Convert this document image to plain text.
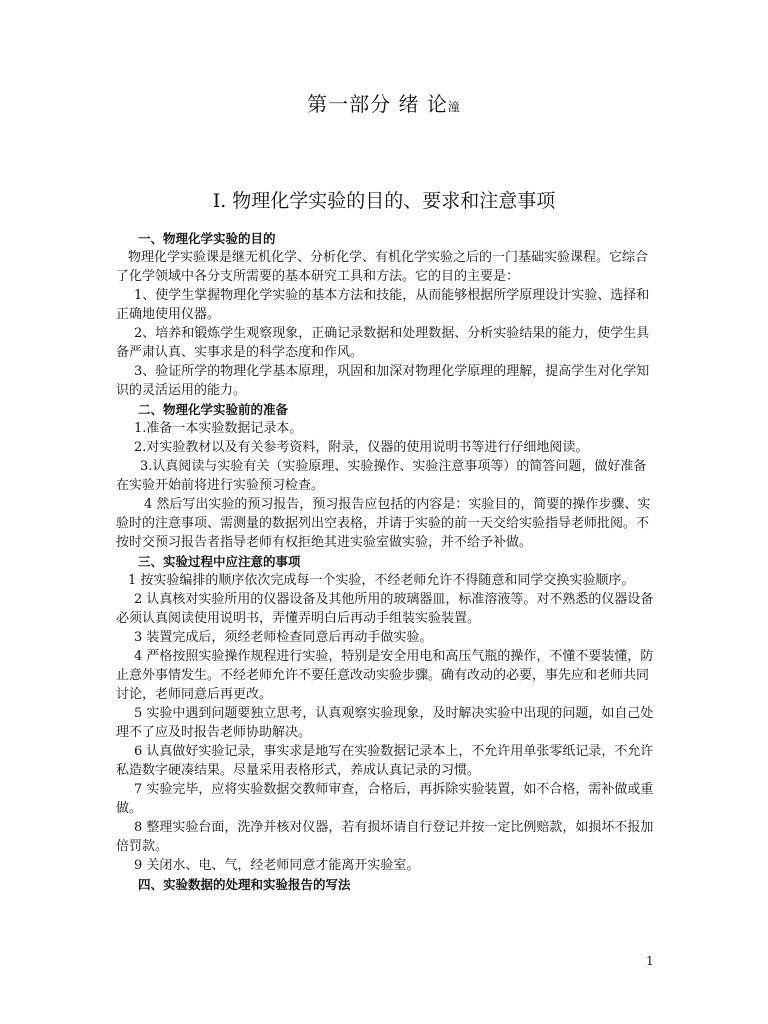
第一部分 绪 论潼
Ⅰ. 物理化学实验的目的、要求和注意事项

一、物理化学实验的目的

物理化学实验课是继无机化学、分析化学、有机化学实验之后的一门基础实验课程。它综合了化学领域中各分支所需要的基本研究工具和方法。它的目的主要是：

1、使学生掌握物理化学实验的基本方法和技能，从而能够根据所学原理设计实验、选择和正确地使用仪器。

2、培养和锻炼学生观察现象，正确记录数据和处理数据、分析实验结果的能力，使学生具备严肃认真、实事求是的科学态度和作风。

3、验证所学的物理化学基本原理，巩固和加深对物理化学原理的理解，提高学生对化学知识的灵活运用的能力。

二、物理化学实验前的准备

1.准备一本实验数据记录本。

2.对实验教材以及有关参考资料，附录，仪器的使用说明书等进行仔细地阅读。

3.认真阅读与实验有关（实验原理、实验操作、实验注意事项等）的简答问题，做好准备在实验开始前将进行实验预习检查。

4 然后写出实验的预习报告，预习报告应包括的内容是：实验目的，简要的操作步骤、实验时的注意事项、需测量的数据列出空表格，并请于实验的前一天交给实验指导老师批阅。不按时交预习报告者指导老师有权拒绝其进实验室做实验，并不给予补做。

三、实验过程中应注意的事项

1 按实验编排的顺序依次完成每一个实验，不经老师允许不得随意和同学交换实验顺序。

2 认真核对实验所用的仪器设备及其他所用的玻璃器皿，标准溶液等。对不熟悉的仪器设备必须认真阅读使用说明书，弄懂弄明白后再动手组装实验装置。

3 装置完成后，须经老师检查同意后再动手做实验。

4 严格按照实验操作规程进行实验，特别是安全用电和高压气瓶的操作，不懂不要装懂，防止意外事情发生。不经老师允许不要任意改动实验步骤。确有改动的必要，事先应和老师共同讨论，老师同意后再更改。

5 实验中遇到问题要独立思考，认真观察实验现象，及时解决实验中出现的问题，如自己处理不了应及时报告老师协助解决。

6 认真做好实验记录，事实求是地写在实验数据记录本上，不允许用单张零纸记录，不允许私造数字硬凑结果。尽量采用表格形式，养成认真记录的习惯。

7 实验完毕，应将实验数据交教师审查，合格后，再拆除实验装置，如不合格，需补做或重做。

8 整理实验台面，洗净并核对仪器，若有损坏请自行登记并按一定比例赔款，如损坏不报加倍罚款。

9 关闭水、电、气，经老师同意才能离开实验室。

四、实验数据的处理和实验报告的写法

1
